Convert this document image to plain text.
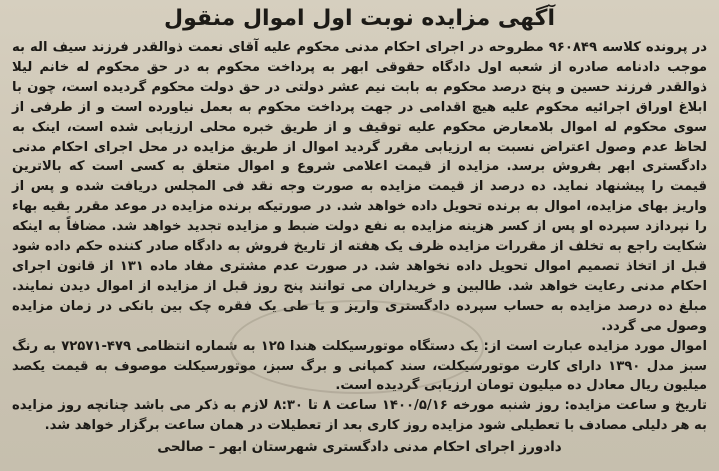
آگهی مزایده نوبت اول اموال منقول

در پرونده کلاسه ۹۶۰۸۴۹ مطروحه در اجرای احکام مدنی محکوم علیه آقای نعمت ذوالقدر فرزند سیف اله به موجب دادنامه صادره از شعبه اول دادگاه حقوقی ابهر به پرداخت محکوم به در حق محکوم له خانم لیلا ذوالقدر فرزند حسین و پنج درصد محکوم به بابت نیم عشر دولتی در حق دولت محکوم گردیده است، چون با ابلاغ اوراق اجرائیه محکوم علیه هیچ اقدامی در جهت پرداخت محکوم به بعمل نیاورده است و از طرفی از سوی محکوم له اموال بلامعارض محکوم علیه توقیف و از طریق خبره محلی ارزیابی شده است، اینک به لحاظ عدم وصول اعتراض نسبت به ارزیابی مقرر گردید اموال از طریق مزایده در محل اجرای احکام مدنی دادگستری ابهر بفروش برسد. مزایده از قیمت اعلامی شروع و اموال متعلق به کسی است که بالاترین قیمت را پیشنهاد نماید. ده درصد از قیمت مزایده به صورت وجه نقد فی المجلس دریافت شده و پس از واریز بهای مزایده، اموال به برنده تحویل داده خواهد شد. در صورتیکه برنده مزایده در موعد مقرر بقیه بهاء را نپردازد سپرده او پس از کسر هزینه مزایده به نفع دولت ضبط و مزایده تجدید خواهد شد. مضافاً به اینکه شکایت راجع به تخلف از مقررات مزایده ظرف یک هفته از تاریخ فروش به دادگاه صادر کننده حکم داده شود قبل از اتخاذ تصمیم اموال تحویل داده نخواهد شد. در صورت عدم مشتری مفاد ماده ۱۳۱ از قانون اجرای احکام مدنی رعایت خواهد شد. طالبین و خریداران می توانند پنج روز قبل از مزایده از اموال دیدن نمایند. مبلغ ده درصد مزایده به حساب سپرده دادگستری واریز و یا طی یک فقره چک بین بانکی در زمان مزایده وصول می گردد.

اموال مورد مزایده عبارت است از: یک دستگاه موتورسیکلت هندا ۱۲۵ به شماره انتظامی ۴۷۹-۷۲۵۷۱ به رنگ سبز مدل ۱۳۹۰ دارای کارت موتورسیکلت، سند کمپانی و برگ سبز، موتورسیکلت موصوف به قیمت یکصد میلیون ریال معادل ده میلیون تومان ارزیابی گردیده است.

تاریخ و ساعت مزایده: روز شنبه مورخه ۱۴۰۰/۵/۱۶ ساعت ۸ تا ۸:۳۰ لازم به ذکر می باشد چنانچه روز مزایده به هر دلیلی مصادف با تعطیلی شود مزایده روز کاری بعد از تعطیلات در همان ساعت برگزار خواهد شد.

دادورز اجرای احکام مدنی دادگستری شهرستان ابهر – صالحی
